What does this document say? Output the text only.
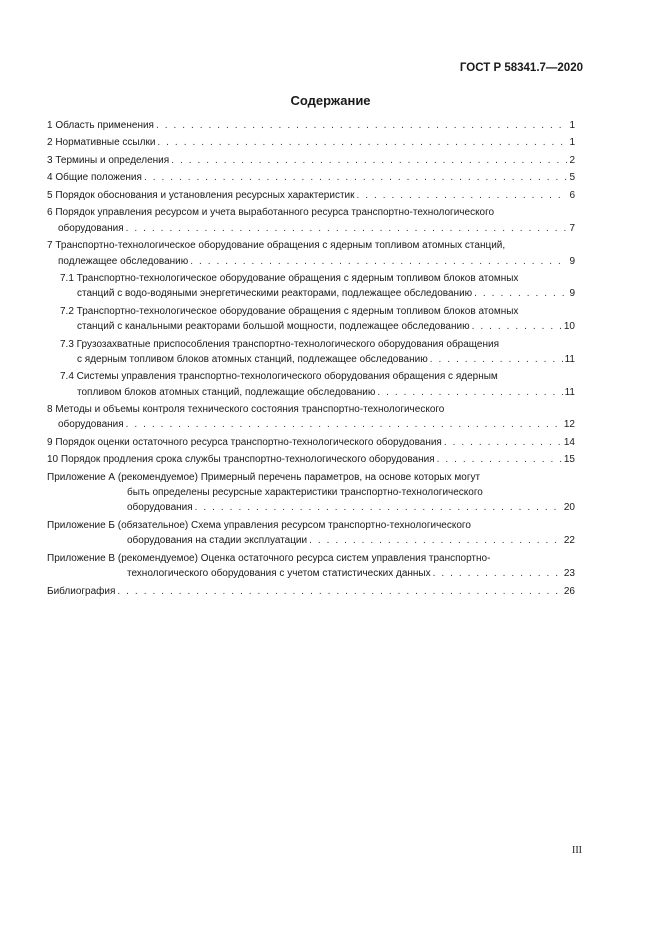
ГОСТ Р 58341.7—2020
Содержание
1 Область применения . . .	1
2 Нормативные ссылки . . .	1
3 Термины и определения . . .	2
4 Общие положения . . .	5
5 Порядок обоснования и установления ресурсных характеристик . . .	6
6 Порядок управления ресурсом и учета выработанного ресурса транспортно-технологического
оборудования . . .	7
7 Транспортно-технологическое оборудование обращения с ядерным топливом атомных станций,
подлежащее обследованию . . .	9
7.1 Транспортно-технологическое оборудование обращения с ядерным топливом блоков атомных
станций с водо-водяными энергетическими реакторами, подлежащее обследованию . . .	9
7.2 Транспортно-технологическое оборудование обращения с ядерным топливом блоков атомных
станций с канальными реакторами большой мощности, подлежащее обследованию . . .	10
7.3 Грузозахватные приспособления транспортно-технологического оборудования обращения
с ядерным топливом блоков атомных станций, подлежащее обследованию . . .	11
7.4 Системы управления транспортно-технологического оборудования обращения с ядерным
топливом блоков атомных станций, подлежащие обследованию . . .	11
8 Методы и объемы контроля технического состояния транспортно-технологического
оборудования . . .	12
9 Порядок оценки остаточного ресурса транспортно-технологического оборудования . . .	14
10 Порядок продления срока службы транспортно-технологического оборудования . . .	15
Приложение А (рекомендуемое) Примерный перечень параметров, на основе которых могут
быть определены ресурсные характеристики транспортно-технологического
оборудования . . .	20
Приложение Б (обязательное) Схема управления ресурсом транспортно-технологического
оборудования на стадии эксплуатации . . .	22
Приложение В (рекомендуемое) Оценка остаточного ресурса систем управления транспортно-
технологического оборудования с учетом статистических данных . . .	23
Библиография . . .	26
III
